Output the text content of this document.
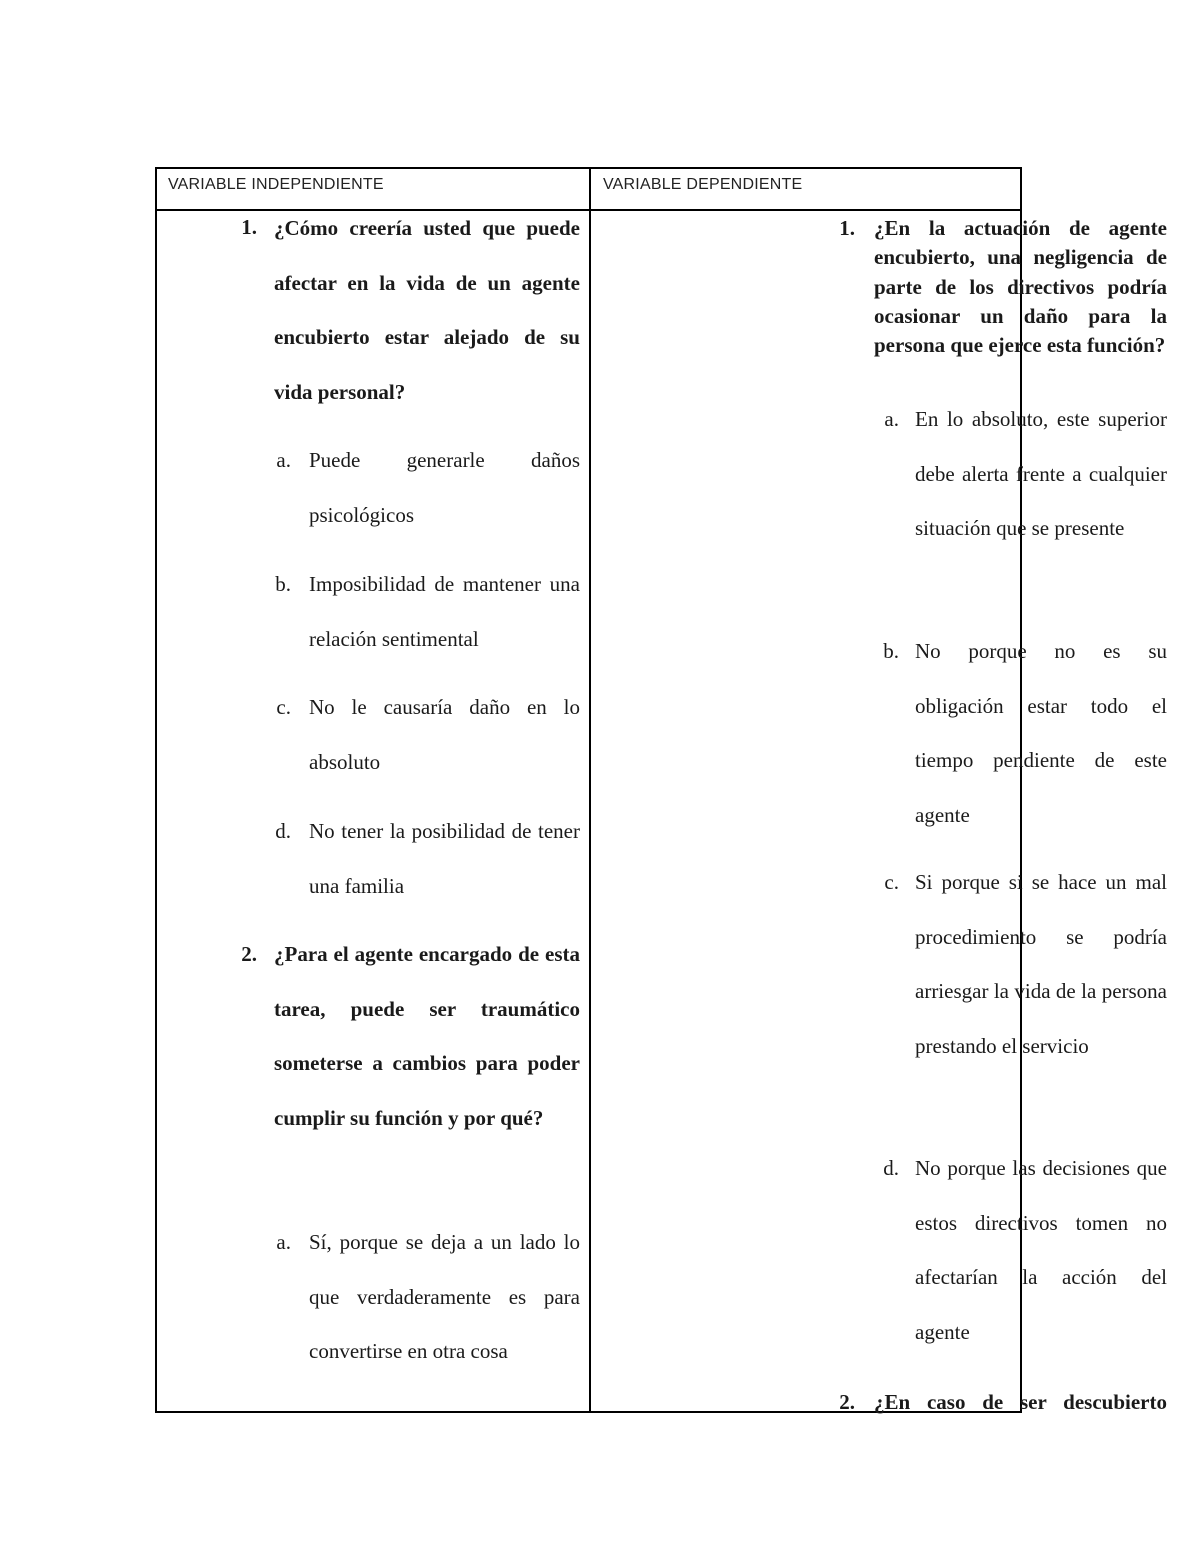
VARIABLE INDEPENDIENTE	VARIABLE DEPENDIENTE
1. ¿Cómo creería usted que puede afectar en la vida de un agente encubierto estar alejado de su vida personal?
a. Puede generarle daños psicológicos
b. Imposibilidad de mantener una relación sentimental
c. No le causaría daño en lo absoluto
d. No tener la posibilidad de tener una familia
2. ¿Para el agente encargado de esta tarea, puede ser traumático someterse a cambios para poder cumplir su función y por qué?
a. Sí, porque se deja a un lado lo que verdaderamente es para convertirse en otra cosa
1. ¿En la actuación de agente encubierto, una negligencia de parte de los directivos podría ocasionar un daño para la persona que ejerce esta función?
a. En lo absoluto, este superior debe alerta frente a cualquier situación que se presente
b. No porque no es su obligación estar todo el tiempo pendiente de este agente
c. Si porque si se hace un mal procedimiento se podría arriesgar la vida de la persona prestando el servicio
d. No porque las decisiones que estos directivos tomen no afectarían la acción del agente
2. ¿En caso de ser descubierto
